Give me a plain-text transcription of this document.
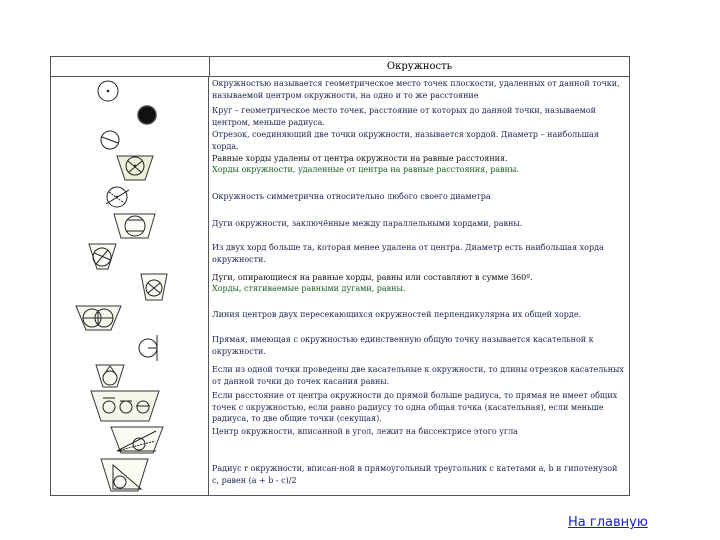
Окружность
Окружностью называется геометрическое место точек плоскости, удаленных от данной точки, называемой центром окружности, на одно и то же расстояние
Круг – геометрическое место точек, расстояние от которых до данной точки, называемой центром, меньше радиуса.
Отрезок, соединяющий две точки окружности, называется хордой. Диаметр – наибольшая хорда.
Равные хорды удалены от центра окружности на равные расстояния.
Хорды окружности, удаленные от центра на равные расстояния, равны.
Окружность симметрична относительно любого своего диаметра
Дуги окружности, заключённые между параллельными хордами, равны.
Из двух хорд больше та, которая менее удалена от центра. Диаметр есть наибольшая хорда окружности.
Дуги, опирающиеся на равные хорды, равны или составляют в сумме 360º.
Хорды, стягиваемые равными дугами, равны.
Линия центров двух пересекающихся окружностей перпендикулярна их общей хорде.
Прямая, имеющая с окружностью единственную общую точку называется касательной к окружности.
Если из одной точки проведены две касательные к окружности, то длины отрезков касательных от данной точки до точек касания равны.
Если расстояние от центра окружности до прямой больше радиуса, то прямая не имеет общих точек с окружностью, если равно радиусу то одна общая точка (касательная), если меньше радиуса, то две общие точки (секущая).
Центр окружности, вписанной в угол, лежит на биссектрисе этого угла
Радиус r окружности, вписан-ной в прямоугольный треугольник с катетами a, b и гипотенузой c, равен (a + b - c)/2
На главную
